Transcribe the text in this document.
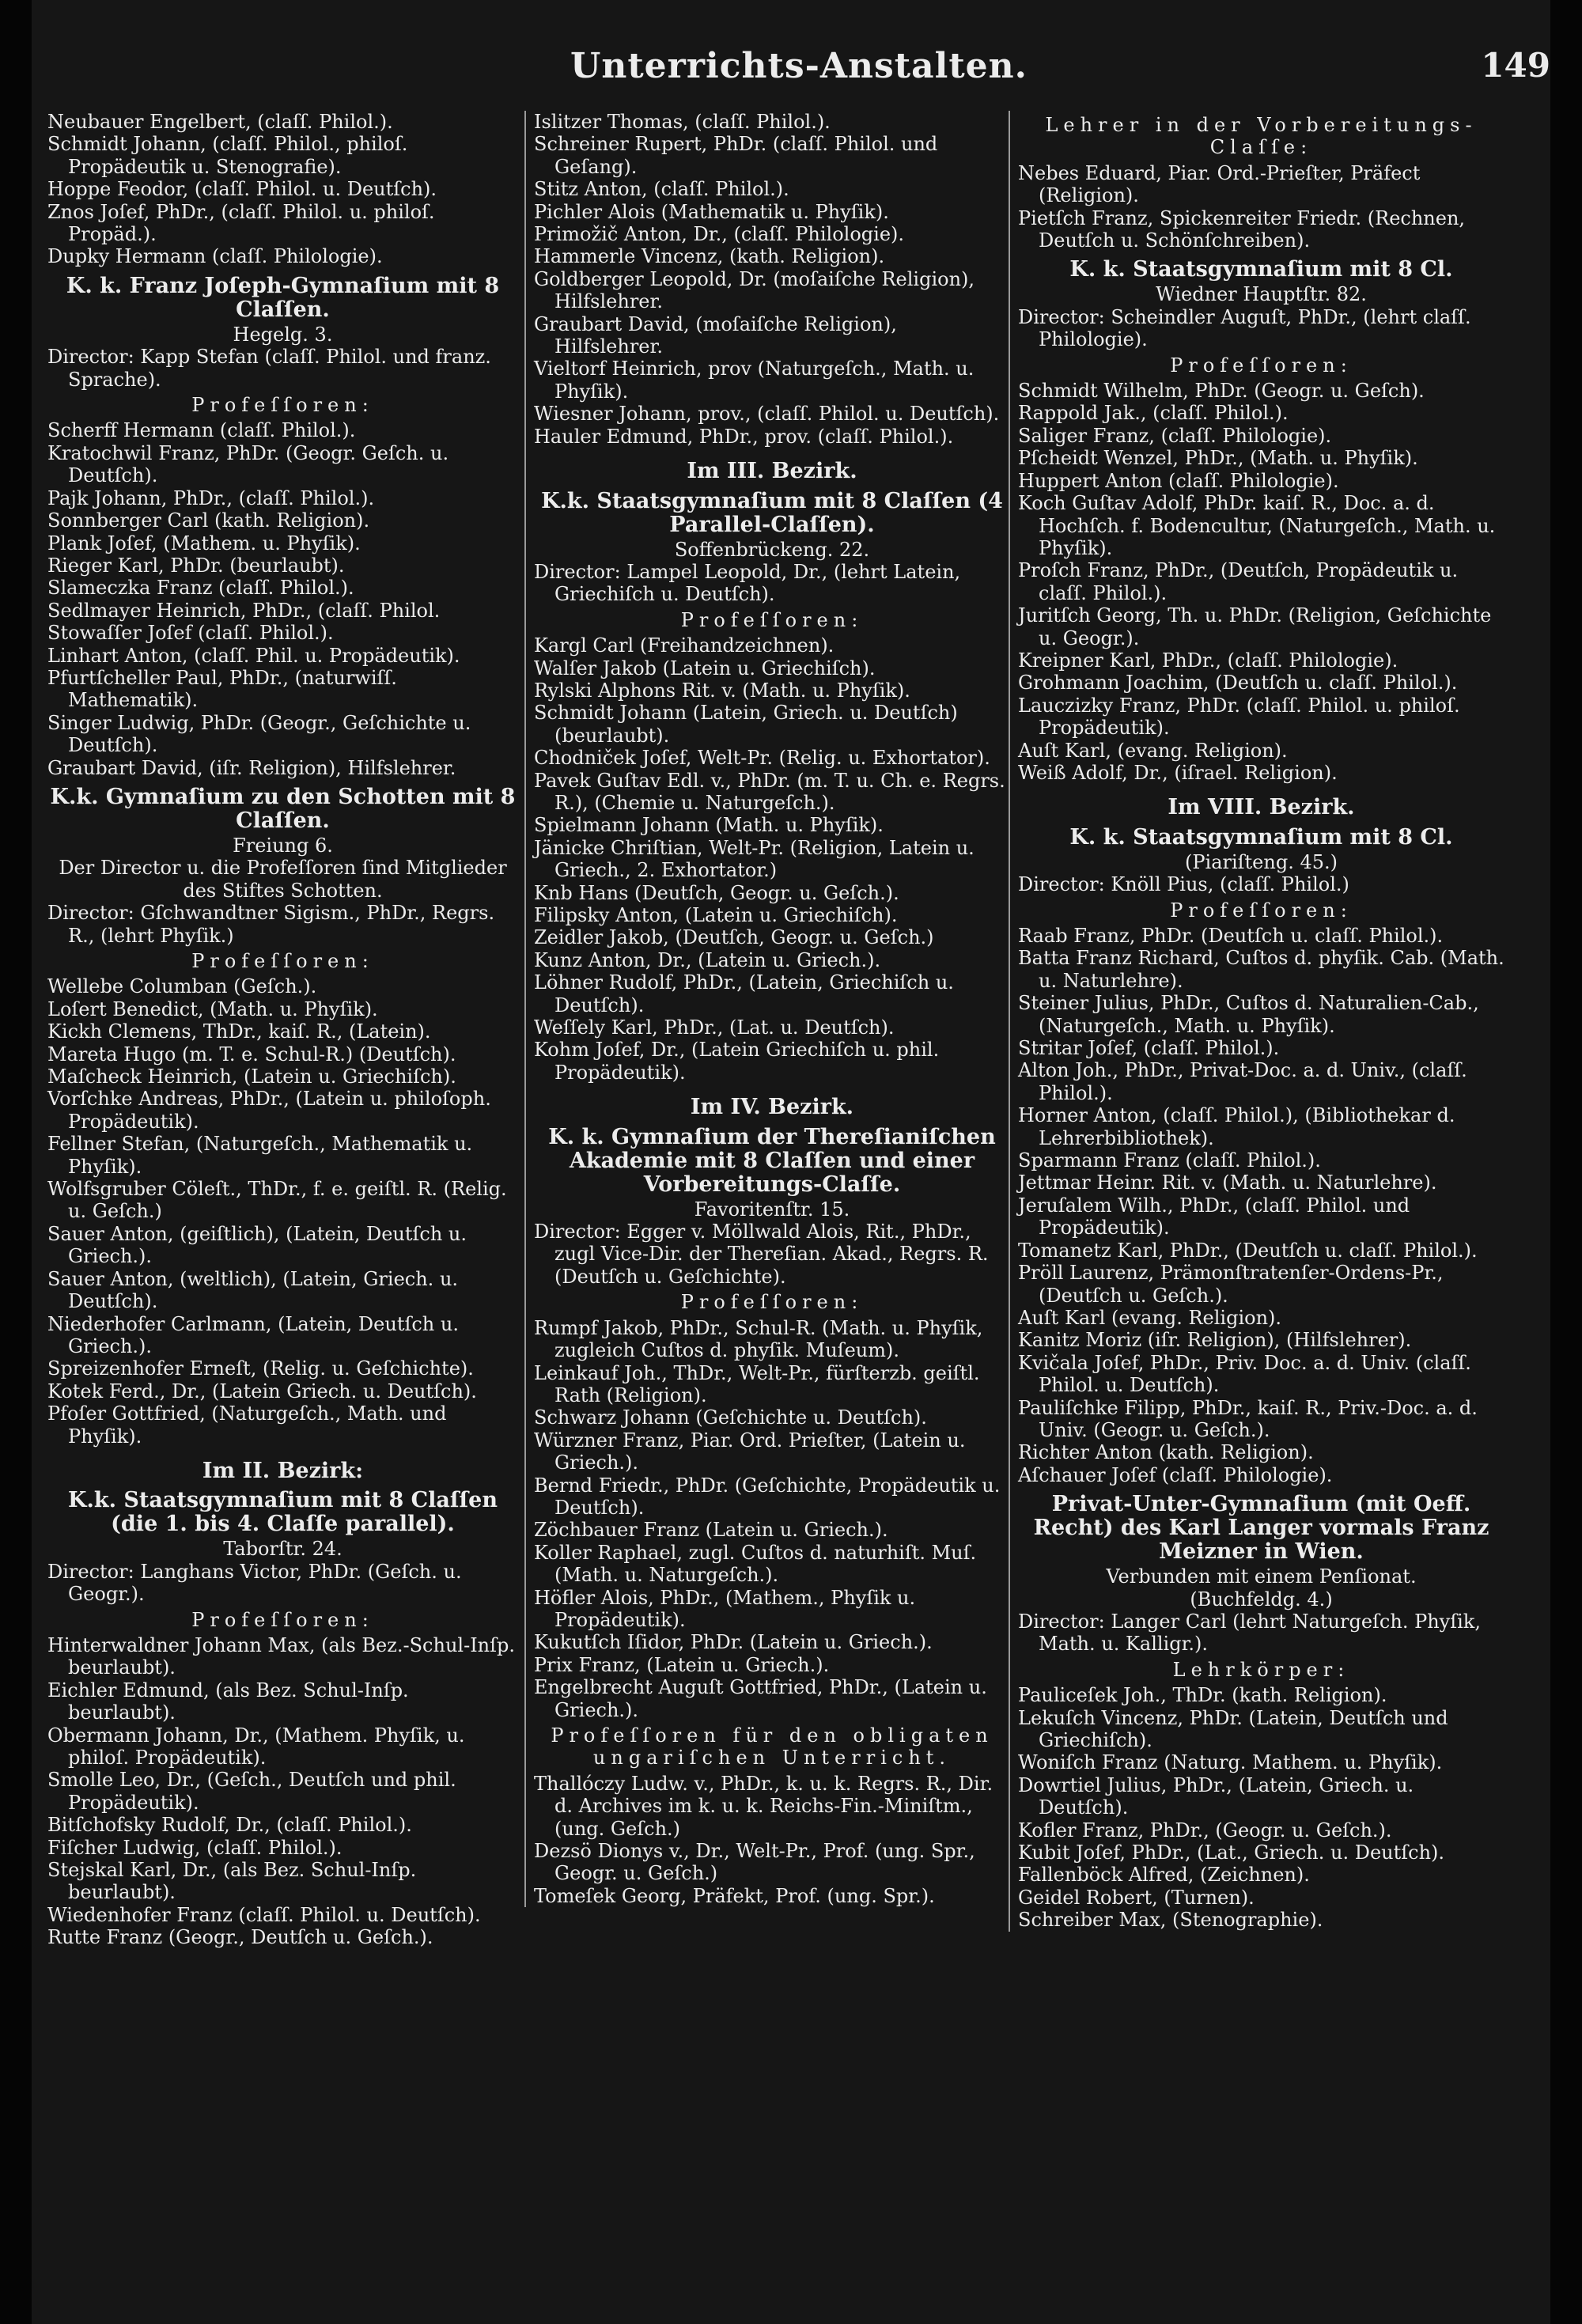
Unterrichts-Anstalten.	149

Neubauer Engelbert, (claſſ. Philol.).

Schmidt Johann, (claſſ. Philol., philoſ. Propädeutik u. Stenografie).

Hoppe Feodor, (claſſ. Philol. u. Deutſch).

Znos Joſef, PhDr., (claſſ. Philol. u. philoſ. Propäd.).

Dupky Hermann (claſſ. Philologie).

K. k. Franz Joſeph-Gymnaſium mit 8 Claſſen.

Hegelg. 3.

Director: Kapp Stefan (claſſ. Philol. und franz. Sprache).

Profeſſoren:

Scherff Hermann (claſſ. Philol.).

Kratochwil Franz, PhDr. (Geogr. Geſch. u. Deutſch).

Pajk Johann, PhDr., (claſſ. Philol.).

Sonnberger Carl (kath. Religion).

Plank Joſef, (Mathem. u. Phyſik).

Rieger Karl, PhDr. (beurlaubt).

Slameczka Franz (claſſ. Philol.).

Sedlmayer Heinrich, PhDr., (claſſ. Philol.

Stowaſſer Joſef (claſſ. Philol.).

Linhart Anton, (claſſ. Phil. u. Propädeutik).

Pfurtſcheller Paul, PhDr., (naturwiſſ. Mathematik).

Singer Ludwig, PhDr. (Geogr., Geſchichte u. Deutſch).

Graubart David, (iſr. Religion), Hilfslehrer.

K.k. Gymnaſium zu den Schotten mit 8 Claſſen.

Freiung 6.

Der Director u. die Profeſſoren ſind Mitglieder des Stiftes Schotten.

Director: Gſchwandtner Sigism., PhDr., Regrs. R., (lehrt Phyſik.)

Profeſſoren:

Wellebe Columban (Geſch.).

Loſert Benedict, (Math. u. Phyſik).

Kickh Clemens, ThDr., kaiſ. R., (Latein).

Mareta Hugo (m. T. e. Schul-R.) (Deutſch).

Maſcheck Heinrich, (Latein u. Griechiſch).

Vorſchke Andreas, PhDr., (Latein u. philoſoph. Propädeutik).

Fellner Stefan, (Naturgeſch., Mathematik u. Phyſik).

Wolfsgruber Cöleſt., ThDr., f. e. geiſtl. R. (Relig. u. Geſch.)

Sauer Anton, (geiſtlich), (Latein, Deutſch u. Griech.).

Sauer Anton, (weltlich), (Latein, Griech. u. Deutſch).

Niederhofer Carlmann, (Latein, Deutſch u. Griech.).

Spreizenhofer Erneſt, (Relig. u. Geſchichte).

Kotek Ferd., Dr., (Latein Griech. u. Deutſch).

Pfoſer Gottfried, (Naturgeſch., Math. und Phyſik).

Im II. Bezirk:
K.k. Staatsgymnaſium mit 8 Claſſen (die 1. bis 4. Claſſe parallel).

Taborſtr. 24.

Director: Langhans Victor, PhDr. (Geſch. u. Geogr.).

Profeſſoren:

Hinterwaldner Johann Max, (als Bez.-Schul-Inſp. beurlaubt).

Eichler Edmund, (als Bez. Schul-Inſp. beurlaubt).

Obermann Johann, Dr., (Mathem. Phyſik, u. philoſ. Propädeutik).

Smolle Leo, Dr., (Geſch., Deutſch und phil. Propädeutik).

Bitſchofsky Rudolf, Dr., (claſſ. Philol.).

Fiſcher Ludwig, (claſſ. Philol.).

Stejskal Karl, Dr., (als Bez. Schul-Inſp. beurlaubt).

Wiedenhofer Franz (claſſ. Philol. u. Deutſch).

Rutte Franz (Geogr., Deutſch u. Geſch.).

Islitzer Thomas, (claſſ. Philol.).

Schreiner Rupert, PhDr. (claſſ. Philol. und Geſang).

Stitz Anton, (claſſ. Philol.).

Pichler Alois (Mathematik u. Phyſik).

Primožič Anton, Dr., (claſſ. Philologie).

Hammerle Vincenz, (kath. Religion).

Goldberger Leopold, Dr. (moſaiſche Religion), Hilfslehrer.

Graubart David, (moſaiſche Religion), Hilfslehrer.

Vieltorf Heinrich, prov (Naturgeſch., Math. u. Phyſik).

Wiesner Johann, prov., (claſſ. Philol. u. Deutſch).

Hauler Edmund, PhDr., prov. (claſſ. Philol.).

Im III. Bezirk.
K.k. Staatsgymnaſium mit 8 Claſſen (4 Parallel-Claſſen).

Soffenbrückeng. 22.

Director: Lampel Leopold, Dr., (lehrt Latein, Griechiſch u. Deutſch).

Profeſſoren:

Kargl Carl (Freihandzeichnen).

Walſer Jakob (Latein u. Griechiſch).

Rylski Alphons Rit. v. (Math. u. Phyſik).

Schmidt Johann (Latein, Griech. u. Deutſch) (beurlaubt).

Chodniček Joſef, Welt-Pr. (Relig. u. Exhortator).

Pavek Guſtav Edl. v., PhDr. (m. T. u. Ch. e. Regrs. R.), (Chemie u. Naturgeſch.).

Spielmann Johann (Math. u. Phyſik).

Jänicke Chriſtian, Welt-Pr. (Religion, Latein u. Griech., 2. Exhortator.)

Knb Hans (Deutſch, Geogr. u. Geſch.).

Filipsky Anton, (Latein u. Griechiſch).

Zeidler Jakob, (Deutſch, Geogr. u. Geſch.)

Kunz Anton, Dr., (Latein u. Griech.).

Löhner Rudolf, PhDr., (Latein, Griechiſch u. Deutſch).

Weſſely Karl, PhDr., (Lat. u. Deutſch).

Kohm Joſef, Dr., (Latein Griechiſch u. phil. Propädeutik).

Im IV. Bezirk.
K. k. Gymnaſium der Thereſianiſchen Akademie mit 8 Claſſen und einer Vorbereitungs-Claſſe.

Favoritenſtr. 15.

Director: Egger v. Möllwald Alois, Rit., PhDr., zugl Vice-Dir. der Thereſian. Akad., Regrs. R. (Deutſch u. Geſchichte).

Profeſſoren:

Rumpf Jakob, PhDr., Schul-R. (Math. u. Phyſik, zugleich Cuſtos d. phyſik. Muſeum).

Leinkauf Joh., ThDr., Welt-Pr., fürſterzb. geiſtl. Rath (Religion).

Schwarz Johann (Geſchichte u. Deutſch).

Würzner Franz, Piar. Ord. Prieſter, (Latein u. Griech.).

Bernd Friedr., PhDr. (Geſchichte, Propädeutik u. Deutſch).

Zöchbauer Franz (Latein u. Griech.).

Koller Raphael, zugl. Cuſtos d. naturhiſt. Muſ. (Math. u. Naturgeſch.).

Höfler Alois, PhDr., (Mathem., Phyſik u. Propädeutik).

Kukutſch Iſidor, PhDr. (Latein u. Griech.).

Prix Franz, (Latein u. Griech.).

Engelbrecht Auguſt Gottfried, PhDr., (Latein u. Griech.).

Profeſſoren für den obligaten ungariſchen Unterricht.

Thallóczy Ludw. v., PhDr., k. u. k. Regrs. R., Dir. d. Archives im k. u. k. Reichs-Fin.-Miniſtm., (ung. Geſch.)

Dezsö Dionys v., Dr., Welt-Pr., Prof. (ung. Spr., Geogr. u. Geſch.)

Tomeſek Georg, Präfekt, Prof. (ung. Spr.).

Lehrer in der Vorbereitungs-Claſſe:

Nebes Eduard, Piar. Ord.-Prieſter, Präfect (Religion).

Pietſch Franz, Spickenreiter Friedr. (Rechnen, Deutſch u. Schönſchreiben).

K. k. Staatsgymnaſium mit 8 Cl.

Wiedner Hauptſtr. 82.

Director: Scheindler Auguſt, PhDr., (lehrt claſſ. Philologie).

Profeſſoren:

Schmidt Wilhelm, PhDr. (Geogr. u. Geſch).

Rappold Jak., (claſſ. Philol.).

Saliger Franz, (claſſ. Philologie).

Pſcheidt Wenzel, PhDr., (Math. u. Phyſik).

Huppert Anton (claſſ. Philologie).

Koch Guſtav Adolf, PhDr. kaiſ. R., Doc. a. d. Hochſch. f. Bodencultur, (Naturgeſch., Math. u. Phyſik).

Proſch Franz, PhDr., (Deutſch, Propädeutik u. claſſ. Philol.).

Juritſch Georg, Th. u. PhDr. (Religion, Geſchichte u. Geogr.).

Kreipner Karl, PhDr., (claſſ. Philologie).

Grohmann Joachim, (Deutſch u. claſſ. Philol.).

Lauczizky Franz, PhDr. (claſſ. Philol. u. philoſ. Propädeutik).

Auſt Karl, (evang. Religion).

Weiß Adolf, Dr., (iſrael. Religion).

Im VIII. Bezirk.
K. k. Staatsgymnaſium mit 8 Cl.

(Piariſteng. 45.)

Director: Knöll Pius, (claſſ. Philol.)

Profeſſoren:

Raab Franz, PhDr. (Deutſch u. claſſ. Philol.).

Batta Franz Richard, Cuſtos d. phyſik. Cab. (Math. u. Naturlehre).

Steiner Julius, PhDr., Cuſtos d. Naturalien-Cab., (Naturgeſch., Math. u. Phyſik).

Stritar Joſef, (claſſ. Philol.).

Alton Joh., PhDr., Privat-Doc. a. d. Univ., (claſſ. Philol.).

Horner Anton, (claſſ. Philol.), (Bibliothekar d. Lehrerbibliothek).

Sparmann Franz (claſſ. Philol.).

Jettmar Heinr. Rit. v. (Math. u. Naturlehre).

Jeruſalem Wilh., PhDr., (claſſ. Philol. und Propädeutik).

Tomanetz Karl, PhDr., (Deutſch u. claſſ. Philol.).

Pröll Laurenz, Prämonſtratenſer-Ordens-Pr., (Deutſch u. Geſch.).

Auſt Karl (evang. Religion).

Kanitz Moriz (iſr. Religion), (Hilfslehrer).

Kvičala Joſef, PhDr., Priv. Doc. a. d. Univ. (claſſ. Philol. u. Deutſch).

Pauliſchke Filipp, PhDr., kaiſ. R., Priv.-Doc. a. d. Univ. (Geogr. u. Geſch.).

Richter Anton (kath. Religion).

Aſchauer Joſef (claſſ. Philologie).

Privat-Unter-Gymnaſium (mit Oeff. Recht) des Karl Langer vormals Franz Meizner in Wien.

Verbunden mit einem Penſionat.

(Buchfeldg. 4.)

Director: Langer Carl (lehrt Naturgeſch. Phyſik, Math. u. Kalligr.).

Lehrkörper:

Pauliceſek Joh., ThDr. (kath. Religion).

Lekuſch Vincenz, PhDr. (Latein, Deutſch und Griechiſch).

Woniſch Franz (Naturg. Mathem. u. Phyſik).

Dowrtiel Julius, PhDr., (Latein, Griech. u. Deutſch).

Kofler Franz, PhDr., (Geogr. u. Geſch.).

Kubit Joſef, PhDr., (Lat., Griech. u. Deutſch).

Fallenböck Alfred, (Zeichnen).

Geidel Robert, (Turnen).

Schreiber Max, (Stenographie).
